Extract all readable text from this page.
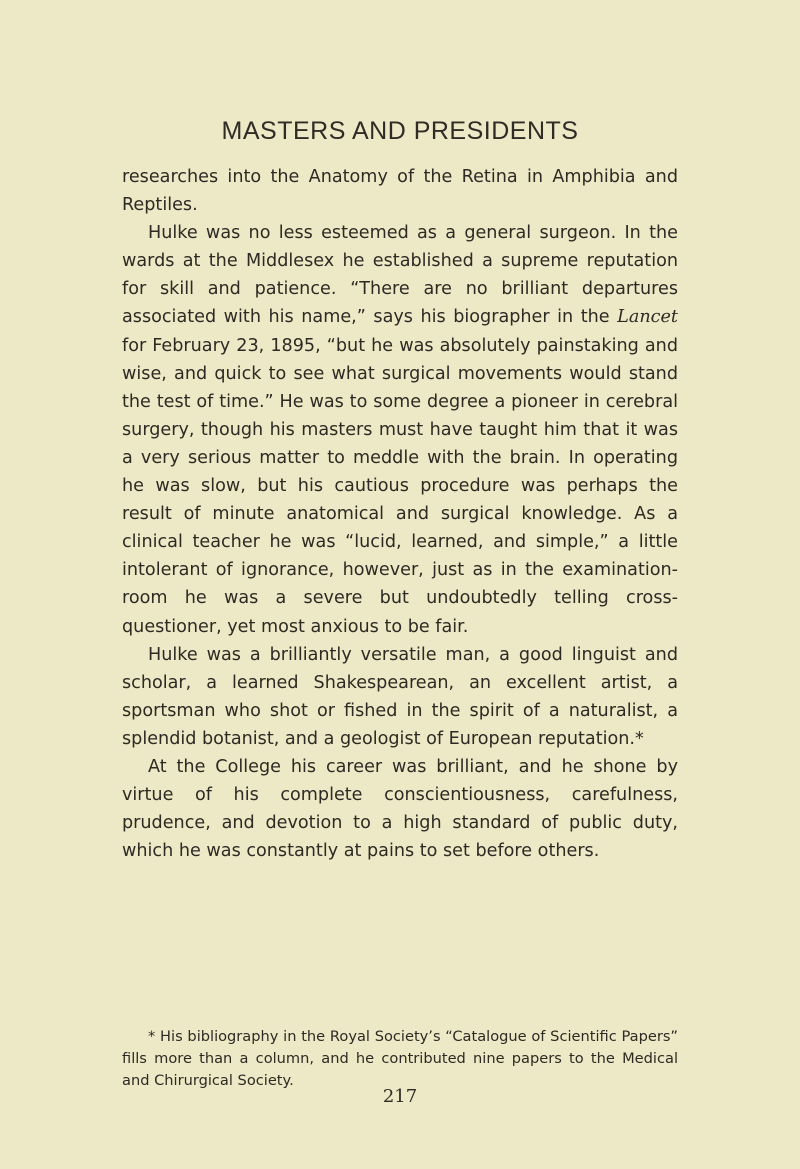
MASTERS AND PRESIDENTS

researches into the Anatomy of the Retina in Amphibia and Reptiles.

Hulke was no less esteemed as a general surgeon. In the wards at the Middlesex he established a supreme reputation for skill and patience. “There are no brilliant departures associated with his name,” says his biographer in the Lancet for February 23, 1895, “but he was absolutely painstaking and wise, and quick to see what surgical movements would stand the test of time.” He was to some degree a pioneer in cerebral surgery, though his masters must have taught him that it was a very serious matter to meddle with the brain. In operating he was slow, but his cautious procedure was perhaps the result of minute anatomical and surgical knowledge. As a clinical teacher he was “lucid, learned, and simple,” a little intolerant of ignorance, however, just as in the examination-room he was a severe but undoubtedly telling cross-questioner, yet most anxious to be fair.

Hulke was a brilliantly versatile man, a good linguist and scholar, a learned Shakespearean, an excellent artist, a sportsman who shot or fished in the spirit of a naturalist, a splendid botanist, and a geologist of European reputation.*

At the College his career was brilliant, and he shone by virtue of his complete conscientiousness, carefulness, prudence, and devotion to a high standard of public duty, which he was constantly at pains to set before others.

* His bibliography in the Royal Society’s “Catalogue of Scientific Papers” fills more than a column, and he contributed nine papers to the Medical and Chirurgical Society.
217
